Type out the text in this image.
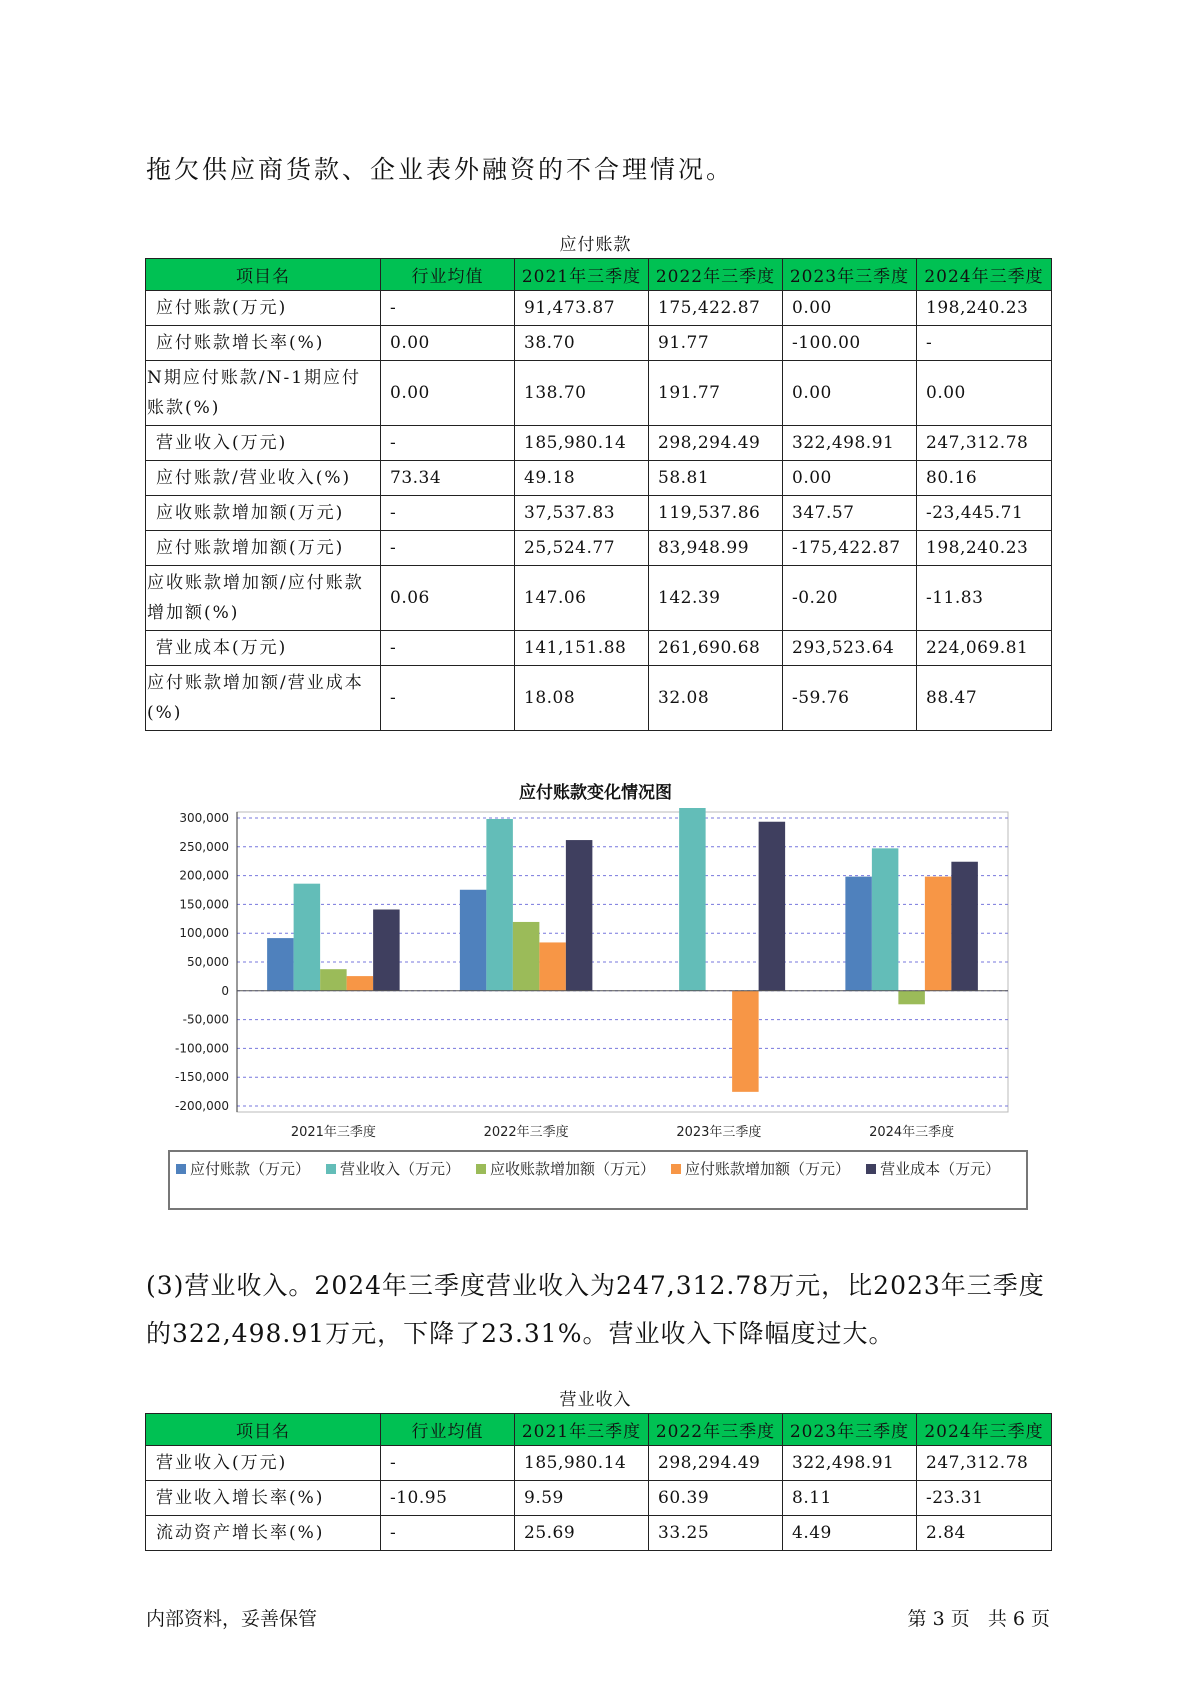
拖欠供应商货款、企业表外融资的不合理情况。
应付账款
项目名	行业均值	2021年三季度	2022年三季度	2023年三季度	2024年三季度
应付账款(万元)	-	91,473.87	175,422.87	0.00	198,240.23
应付账款增长率(%)	0.00	38.70	91.77	-100.00	-
N期应付账款/N-1期应付账款(%)	0.00	138.70	191.77	0.00	0.00
营业收入(万元)	-	185,980.14	298,294.49	322,498.91	247,312.78
应付账款/营业收入(%)	73.34	49.18	58.81	0.00	80.16
应收账款增加额(万元)	-	37,537.83	119,537.86	347.57	-23,445.71
应付账款增加额(万元)	-	25,524.77	83,948.99	-175,422.87	198,240.23
应收账款增加额/应付账款增加额(%)	0.06	147.06	142.39	-0.20	-11.83
营业成本(万元)	-	141,151.88	261,690.68	293,523.64	224,069.81
应付账款增加额/营业成本(%)	-	18.08	32.08	-59.76	88.47
应付账款变化情况图
300,000
250,000
200,000
150,000
100,000
50,000
0
-50,000
-100,000
-150,000
-200,000
2021年三季度	2022年三季度	2023年三季度	2024年三季度
应付账款（万元） 营业收入（万元） 应收账款增加额（万元） 应付账款增加额（万元） 营业成本（万元）
(3)营业收入。2024年三季度营业收入为247,312.78万元，比2023年三季度的322,498.91万元，下降了23.31%。营业收入下降幅度过大。
营业收入
项目名	行业均值	2021年三季度	2022年三季度	2023年三季度	2024年三季度
营业收入(万元)	-	185,980.14	298,294.49	322,498.91	247,312.78
营业收入增长率(%)	-10.95	9.59	60.39	8.11	-23.31
流动资产增长率(%)	-	25.69	33.25	4.49	2.84
内部资料，妥善保管	第 3 页   共 6 页
